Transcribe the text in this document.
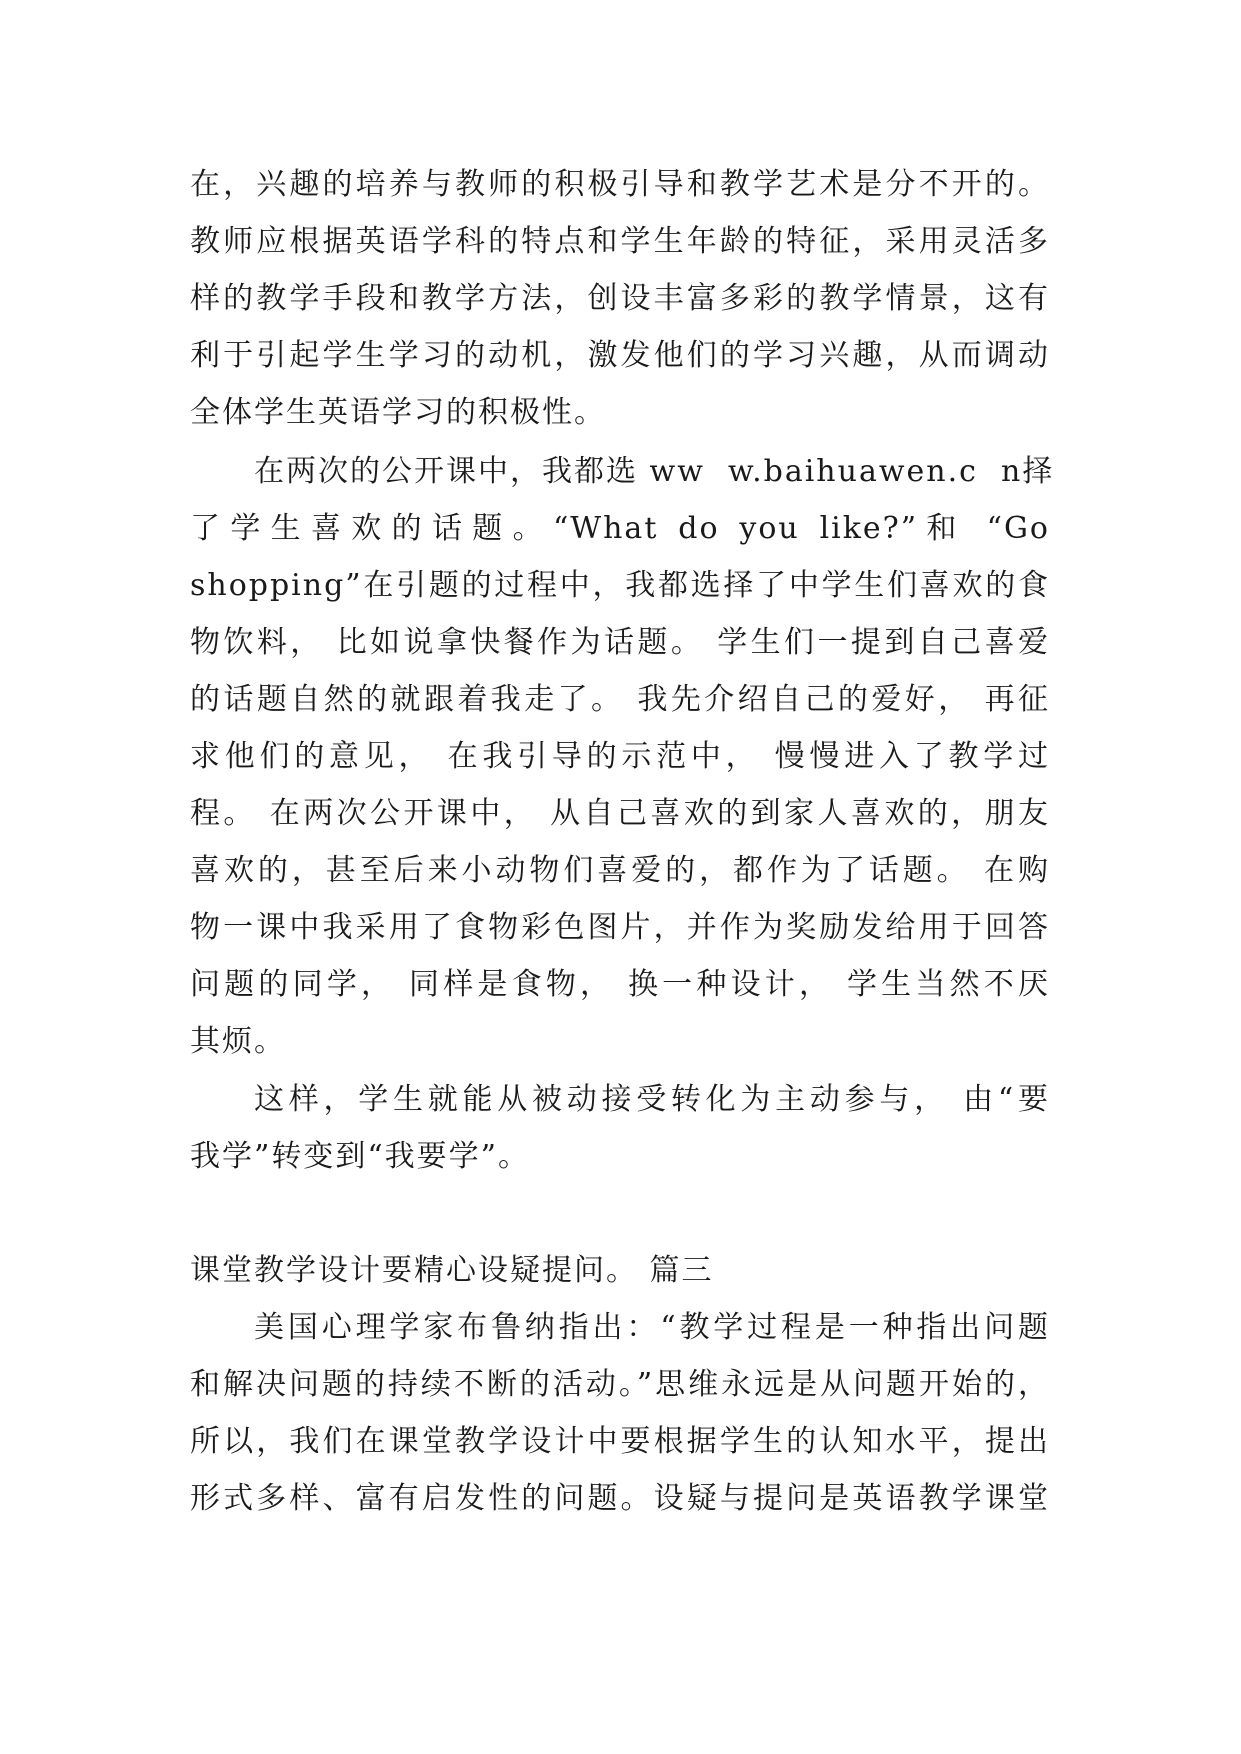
在，兴趣的培养与教师的积极引导和教学艺术是分不开的。
教师应根据英语学科的特点和学生年龄的特征，采用灵活多
样的教学手段和教学方法，创设丰富多彩的教学情景，这有
利于引起学生学习的动机，激发他们的学习兴趣，从而调动
全体学生英语学习的积极性。
在两次的公开课中，我都选 ww  w.baihuawen.c  n择
了学生喜欢的话题。“What do you like?”和 “Go
shopping”在引题的过程中，我都选择了中学生们喜欢的食
物饮料， 比如说拿快餐作为话题。 学生们一提到自己喜爱
的话题自然的就跟着我走了。 我先介绍自己的爱好， 再征
求他们的意见， 在我引导的示范中， 慢慢进入了教学过
程。 在两次公开课中， 从自己喜欢的到家人喜欢的，朋友
喜欢的，甚至后来小动物们喜爱的，都作为了话题。 在购
物一课中我采用了食物彩色图片，并作为奖励发给用于回答
问题的同学， 同样是食物， 换一种设计， 学生当然不厌
其烦。
这样，学生就能从被动接受转化为主动参与， 由“要
我学”转变到“我要学”。
课堂教学设计要精心设疑提问。 篇三
美国心理学家布鲁纳指出：“教学过程是一种指出问题
和解决问题的持续不断的活动。”思维永远是从问题开始的，
所以，我们在课堂教学设计中要根据学生的认知水平，提出
形式多样、富有启发性的问题。设疑与提问是英语教学课堂
